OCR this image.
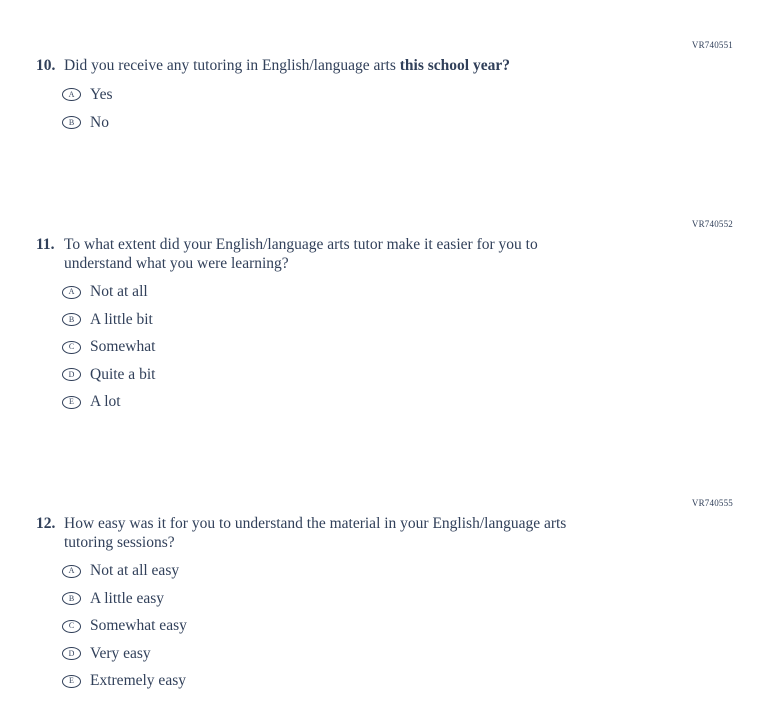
VR740551
10. Did you receive any tutoring in English/language arts this school year?
A Yes
B No
VR740552
11. To what extent did your English/language arts tutor make it easier for you to
understand what you were learning?
A Not at all
B A little bit
C Somewhat
D Quite a bit
E A lot
VR740555
12. How easy was it for you to understand the material in your English/language arts
tutoring sessions?
A Not at all easy
B A little easy
C Somewhat easy
D Very easy
E Extremely easy
